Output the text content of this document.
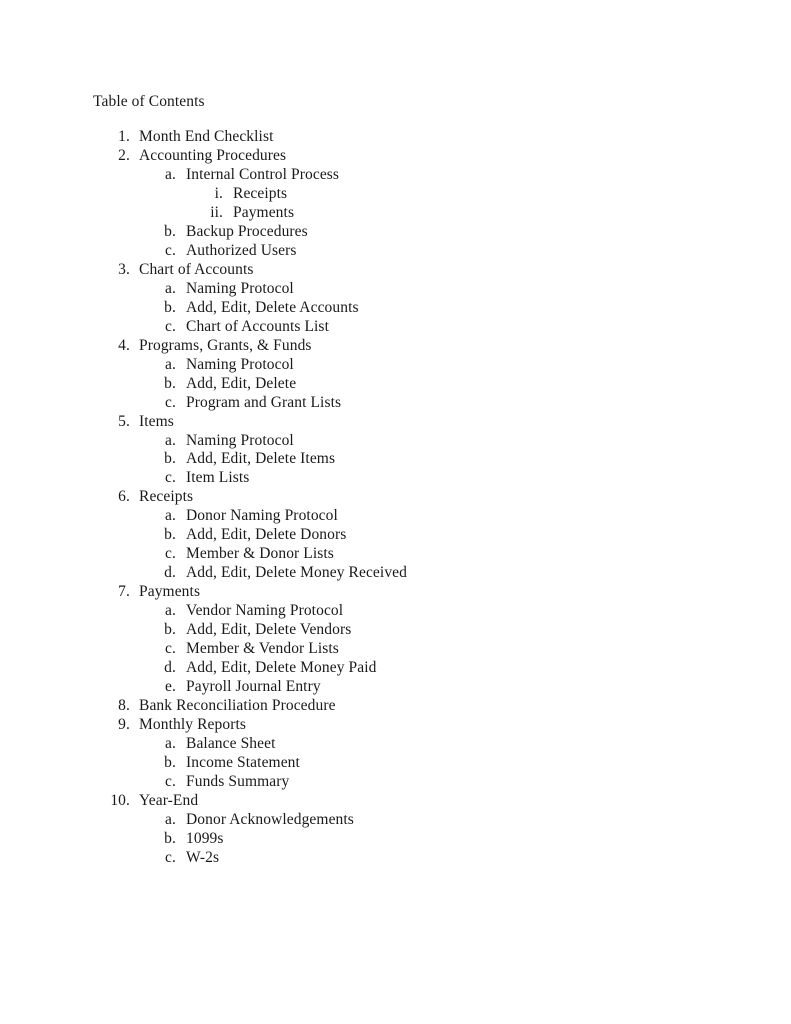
Table of Contents
1. Month End Checklist
2. Accounting Procedures
a. Internal Control Process
i. Receipts
ii. Payments
b. Backup Procedures
c. Authorized Users
3. Chart of Accounts
a. Naming Protocol
b. Add, Edit, Delete Accounts
c. Chart of Accounts List
4. Programs, Grants, & Funds
a. Naming Protocol
b. Add, Edit, Delete
c. Program and Grant Lists
5. Items
a. Naming Protocol
b. Add, Edit, Delete Items
c. Item Lists
6. Receipts
a. Donor Naming Protocol
b. Add, Edit, Delete Donors
c. Member & Donor Lists
d. Add, Edit, Delete Money Received
7. Payments
a. Vendor Naming Protocol
b. Add, Edit, Delete Vendors
c. Member & Vendor Lists
d. Add, Edit, Delete Money Paid
e. Payroll Journal Entry
8. Bank Reconciliation Procedure
9. Monthly Reports
a. Balance Sheet
b. Income Statement
c. Funds Summary
10. Year-End
a. Donor Acknowledgements
b. 1099s
c. W-2s
